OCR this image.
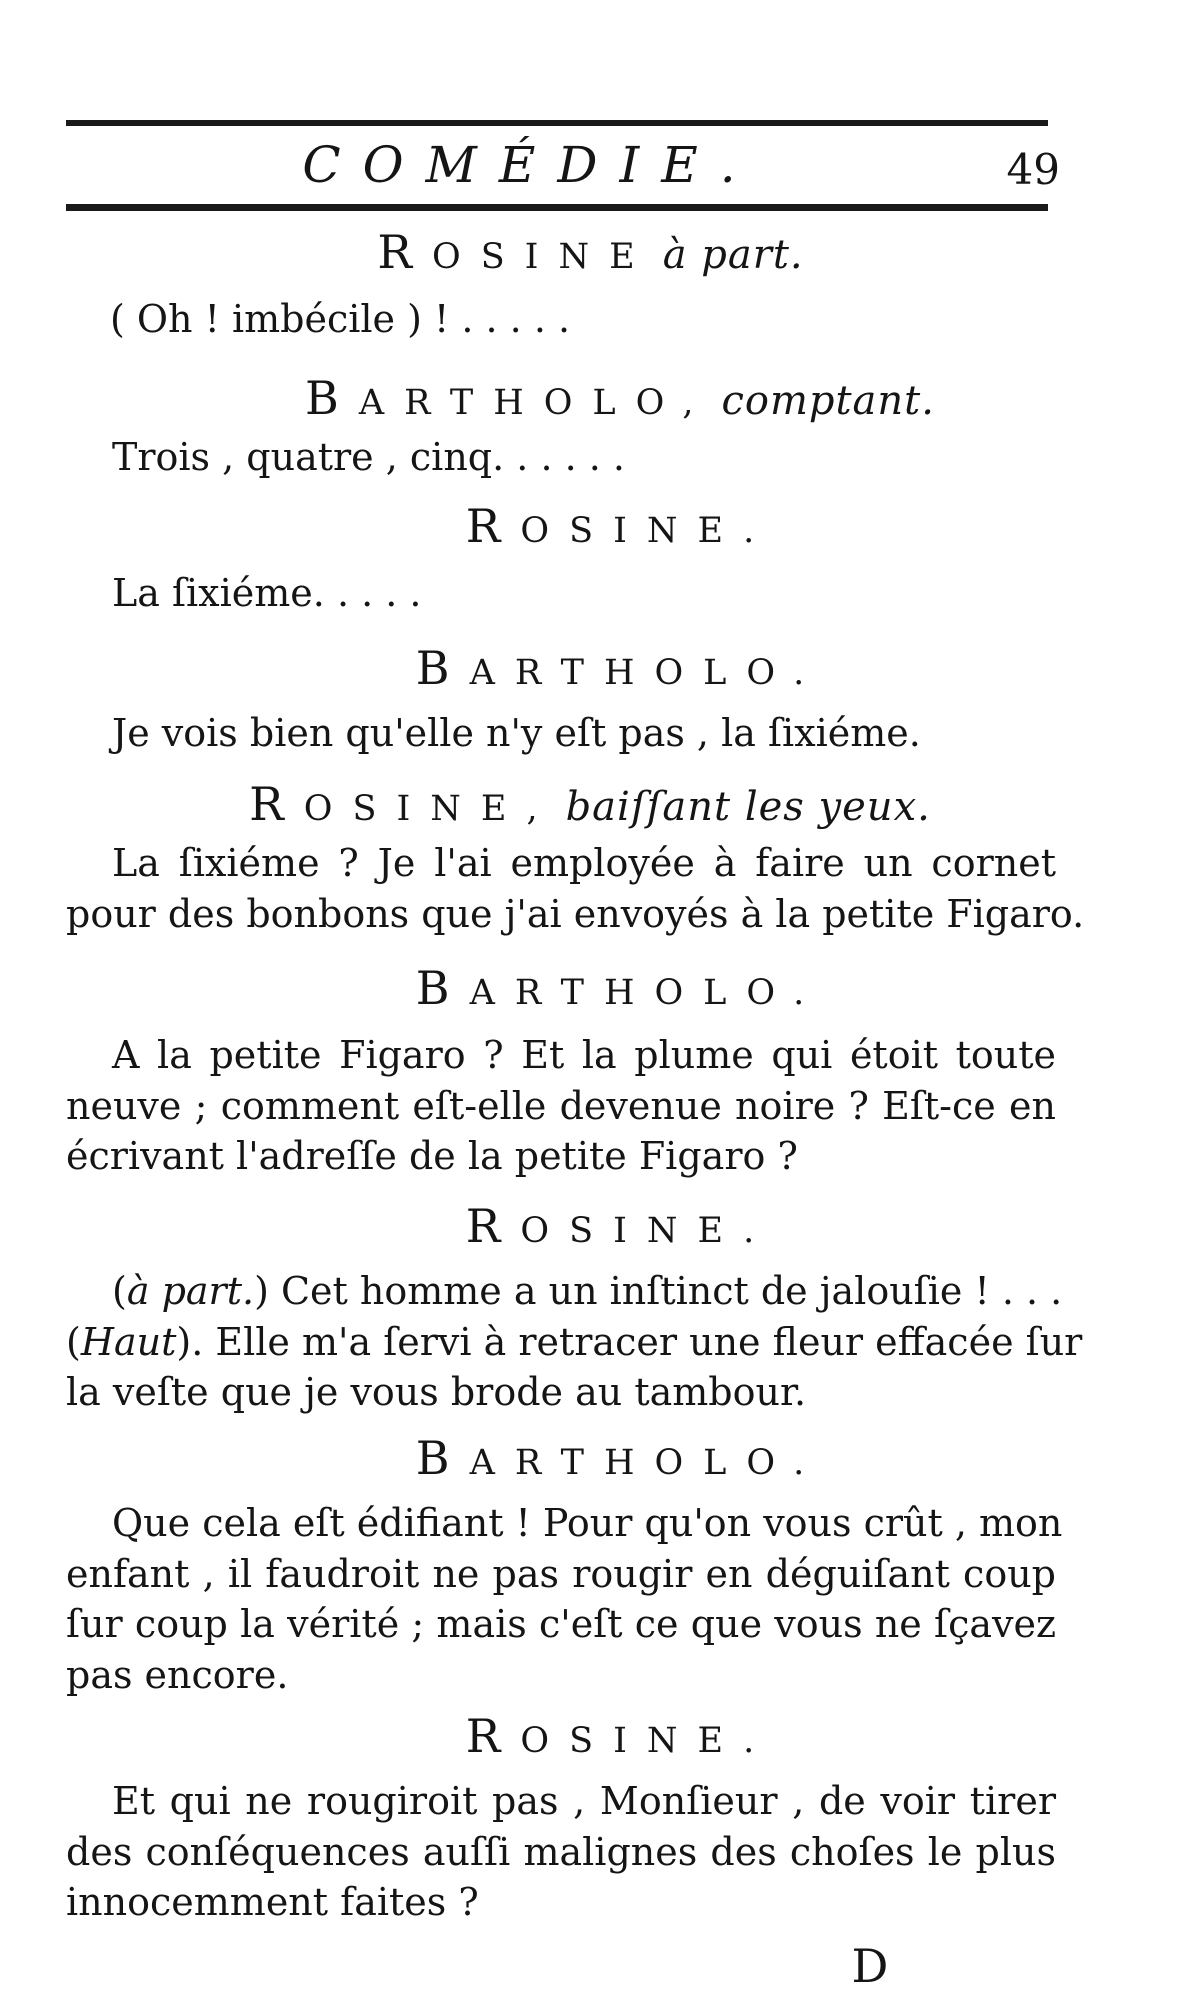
COMÉDIE.	49
ROSINE à part.
( Oh ! imbécile ) ! . . . . .
BARTHOLO, comptant.
Trois , quatre , cinq. . . . . .
ROSINE.
La ſixiéme. . . . .
BARTHOLO.
Je vois bien qu'elle n'y eſt pas , la ſixiéme.
ROSINE, baiſſant les yeux.
La ſixiéme ? Je l'ai employée à faire un cornet
pour des bonbons que j'ai envoyés à la petite Figaro.
BARTHOLO.
A la petite Figaro ? Et la plume qui étoit toute
neuve ; comment eſt-elle devenue noire ? Eſt-ce en
écrivant l'adreſſe de la petite Figaro ?
ROSINE.
(à part.) Cet homme a un inſtinct de jalouſie ! . . .
(Haut). Elle m'a ſervi à retracer une fleur effacée ſur
la veſte que je vous brode au tambour.
BARTHOLO.
Que cela eſt édifiant ! Pour qu'on vous crût , mon
enfant , il faudroit ne pas rougir en déguiſant coup
ſur coup la vérité ; mais c'eſt ce que vous ne ſçavez
pas encore.
ROSINE.
Et qui ne rougiroit pas , Monſieur , de voir tirer
des conſéquences auſſi malignes des choſes le plus
innocemment faites ?
D
